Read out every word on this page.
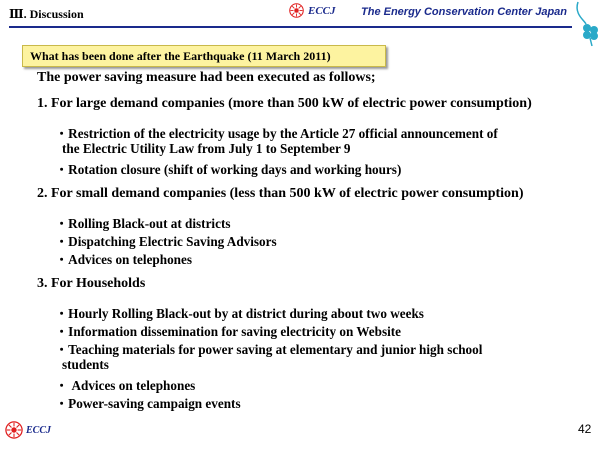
Ⅲ. Discussion	ECCJ The Energy Conservation Center Japan
What has been done after the Earthquake (11 March 2011)
The power saving measure had been executed as follows;
1. For large demand companies (more than 500 kW of electric power consumption)
・Restriction of the electricity usage by the Article 27 official announcement of
the Electric Utility Law from July 1 to September 9
・Rotation closure (shift of working days and working hours)
2. For small demand companies (less than 500 kW of electric power consumption)
・Rolling Black-out at districts
・Dispatching Electric Saving Advisors
・Advices on telephones
3. For Households
・Hourly Rolling Black-out by at district during about two weeks
・Information dissemination for saving electricity on Website
・Teaching materials for power saving at elementary and junior high school
students
・ Advices on telephones
・Power-saving campaign events
ECCJ	42
